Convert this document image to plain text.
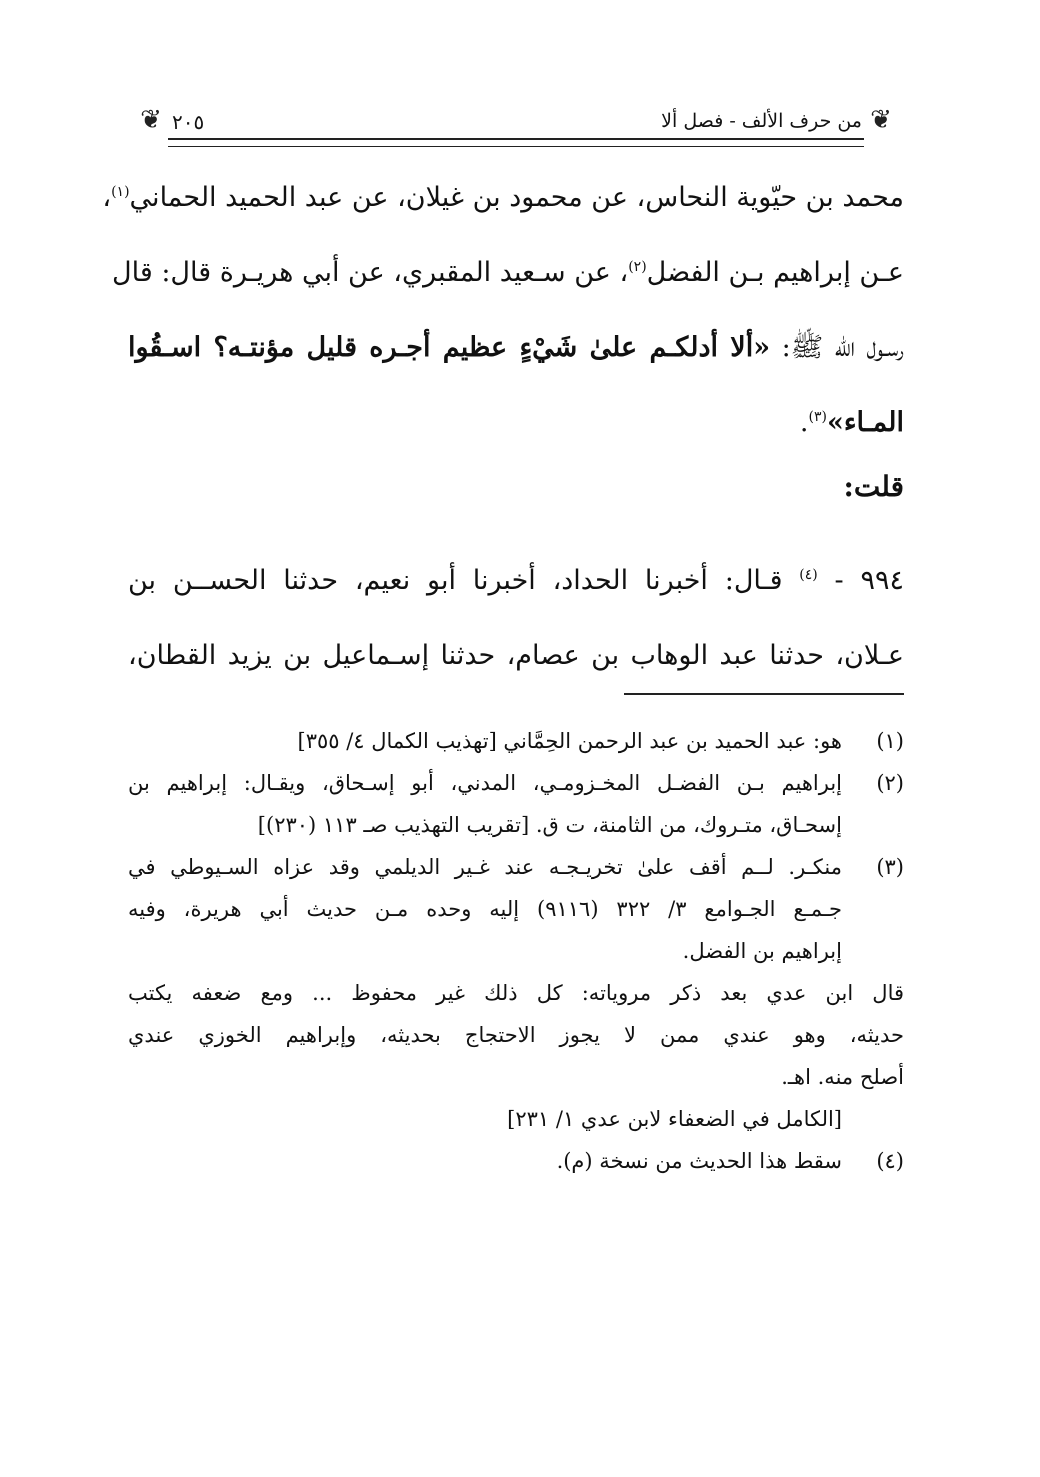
❦
من حرف الألف - فصل ألا
٢٠٥
❦
محمد بن حيّوية النحاس، عن محمود بن غيلان، عن عبد الحميد الحماني$^{(١)}$،
عـن إبراهيم بـن الفضل$^{(٢)}$، عن سـعيد المقبري، عن أبي هريـرة قال: قال
رسـول الله ﷺ: «ألا أدلكـم علىٰ شَيْءٍ عظيم أجـره قليل مؤنتـه؟ اسـقُوا
المـاء»$^{(٣)}$.
قلت:
٩٩٤ - $^{(٤)}$ قـال: أخبرنا الحداد، أخبرنا أبو نعيم، حدثنا الحســن بن
عـلان، حدثنا عبد الوهاب بن عصام، حدثنا إسـماعيل بن يزيد القطان،
(١)
هو: عبد الحميد بن عبد الرحمن الحِمَّاني [تهذيب الكمال ٤/ ٣٥٥]
(٢)
إبراهيم بـن الفضـل المخـزومـي، المدني، أبو إسـحاق، ويقـال: إبراهيم بن
إسحـاق، متـروك، من الثامنة، ت ق. [تقريب التهذيب صـ ١١٣ (٢٣٠)]
(٣)
منكـر. لــم أقف علىٰ تخريـجـه عند غـير الديلمي وقد عزاه السـيوطي في
جـمـع الجـوامع ٣/ ٣٢٢ (٩١١٦) إليه وحده مـن حديث أبي هريرة، وفيه
إبراهيم بن الفضل.
قال ابن عدي بعد ذكر مروياته: كل ذلك غير محفوظ ... ومع ضعفه يكتب
حديثه، وهو عندي ممن لا يجوز الاحتجاج بحديثه، وإبراهيم الخوزي عندي
أصلح منه. اهـ.
[الكامل في الضعفاء لابن عدي ١/ ٢٣١]
(٤)
سقط هذا الحديث من نسخة (م).
